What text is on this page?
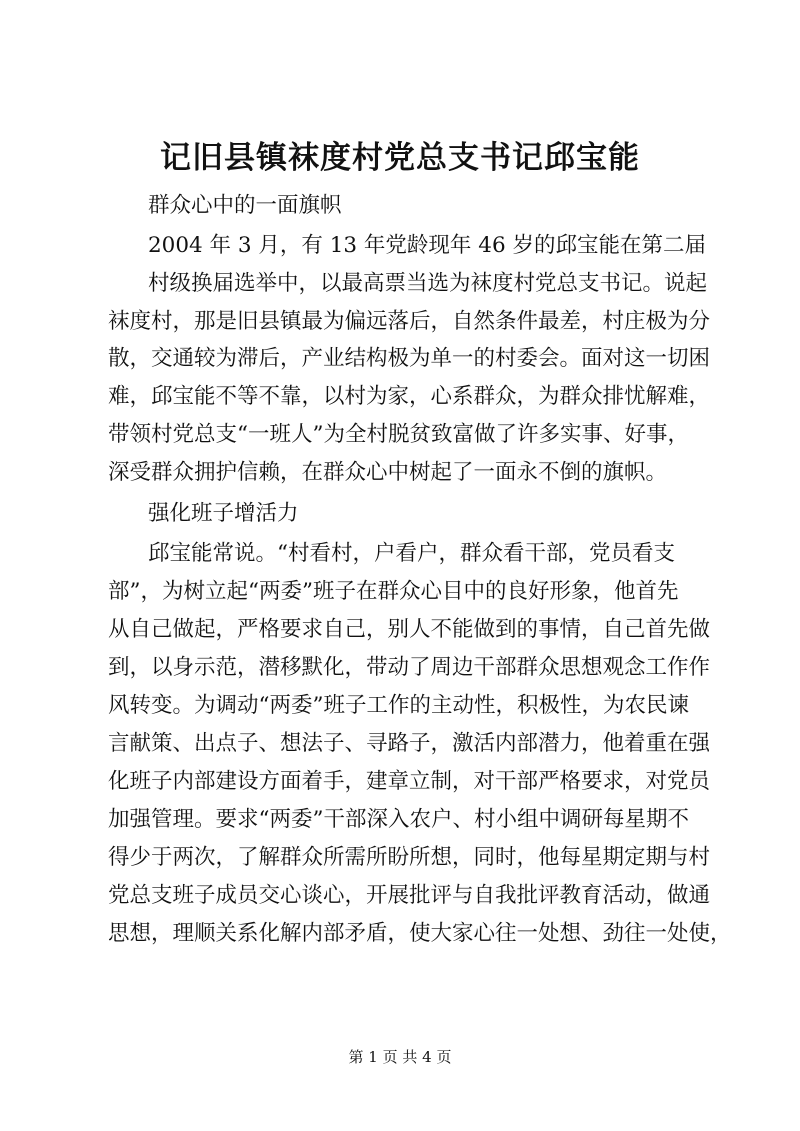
记旧县镇袜度村党总支书记邱宝能
群众心中的一面旗帜
2004 年 3 月，有 13 年党龄现年 46 岁的邱宝能在第二届
村级换届选举中，以最高票当选为袜度村党总支书记。说起
袜度村，那是旧县镇最为偏远落后，自然条件最差，村庄极为分
散，交通较为滞后，产业结构极为单一的村委会。面对这一切困
难，邱宝能不等不靠，以村为家，心系群众，为群众排忧解难，
带领村党总支“一班人”为全村脱贫致富做了许多实事、好事，
深受群众拥护信赖，在群众心中树起了一面永不倒的旗帜。
强化班子增活力
邱宝能常说。“村看村，户看户，群众看干部，党员看支
部”，为树立起“两委”班子在群众心目中的良好形象，他首先
从自己做起，严格要求自己，别人不能做到的事情，自己首先做
到，以身示范，潜移默化，带动了周边干部群众思想观念工作作
风转变。为调动“两委”班子工作的主动性，积极性，为农民谏
言献策、出点子、想法子、寻路子，激活内部潜力，他着重在强
化班子内部建设方面着手，建章立制，对干部严格要求，对党员
加强管理。要求“两委”干部深入农户、村小组中调研每星期不
得少于两次，了解群众所需所盼所想，同时，他每星期定期与村
党总支班子成员交心谈心，开展批评与自我批评教育活动，做通
思想，理顺关系化解内部矛盾，使大家心往一处想、劲往一处使，
第 1 页 共 4 页
